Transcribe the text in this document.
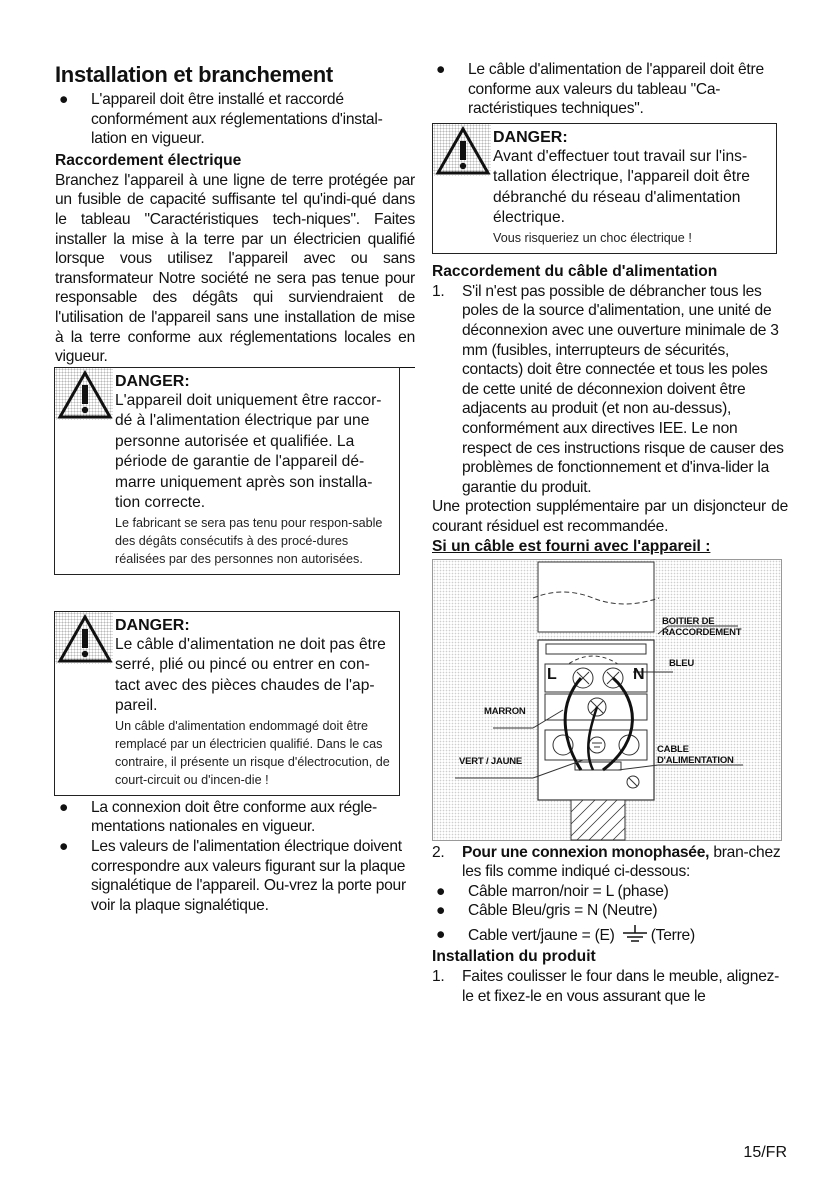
Installation et branchement
● L'appareil doit être installé et raccordé conformément aux réglementations d'instal-lation en vigueur.
Raccordement électrique

Branchez l'appareil à une ligne de terre protégée par un fusible de capacité suffisante tel qu'indi-qué dans le tableau "Caractéristiques tech-niques". Faites installer la mise à la terre par un électricien qualifié lorsque vous utilisez l'appareil avec ou sans transformateur Notre société ne sera pas tenue pour responsable des dégâts qui surviendraient de l'utilisation de l'appareil sans une installation de mise à la terre conforme aux réglementations locales en vigueur.

DANGER:
L'appareil doit uniquement être raccor-dé à l'alimentation électrique par une personne autorisée et qualifiée. La période de garantie de l'appareil dé-marre uniquement après son installa-tion correcte.
Le fabricant se sera pas tenu pour respon-sable des dégâts consécutifs à des procé-dures réalisées par des personnes non autorisées.
DANGER:
Le câble d'alimentation ne doit pas être serré, plié ou pincé ou entrer en con-tact avec des pièces chaudes de l'ap-pareil.
Un câble d'alimentation endommagé doit être remplacé par un électricien qualifié. Dans le cas contraire, il présente un risque d'électrocution, de court-circuit ou d'incen-die !
● La connexion doit être conforme aux régle-mentations nationales en vigueur.
● Les valeurs de l'alimentation électrique doivent correspondre aux valeurs figurant sur la plaque signalétique de l'appareil. Ou-vrez la porte pour voir la plaque signalétique.
● Le câble d'alimentation de l'appareil doit être conforme aux valeurs du tableau "Ca-ractéristiques techniques".
DANGER:
Avant d'effectuer tout travail sur l'ins-tallation électrique, l'appareil doit être débranché du réseau d'alimentation électrique.
Vous risqueriez un choc électrique !
Raccordement du câble d'alimentation
1. S'il n'est pas possible de débrancher tous les poles de la source d'alimentation, une unité de déconnexion avec une ouverture minimale de 3 mm (fusibles, interrupteurs de sécurités, contacts) doit être connectée et tous les poles de cette unité de déconnexion doivent être adjacents au produit (et non au-dessus), conformément aux directives IEE. Le non respect de ces instructions risque de causer des problèmes de fonctionnement et d'inva-lider la garantie du produit.

Une protection supplémentaire par un disjoncteur de courant résiduel est recommandée.

Si un câble est fourni avec l'appareil :
BOITIER DE
RACCORDEMENT
BLEU
MARRON
VERT / JAUNE
CABLE
D'ALIMENTATION
L	N
2. Pour une connexion monophasée, bran-chez les fils comme indiqué ci-dessous:
● Câble marron/noir = L (phase)
● Câble Bleu/gris = N (Neutre)
● Cable vert/jaune = (E) (Terre)
Installation du produit
1. Faites coulisser le four dans le meuble, alignez-le et fixez-le en vous assurant que le
15/FR
